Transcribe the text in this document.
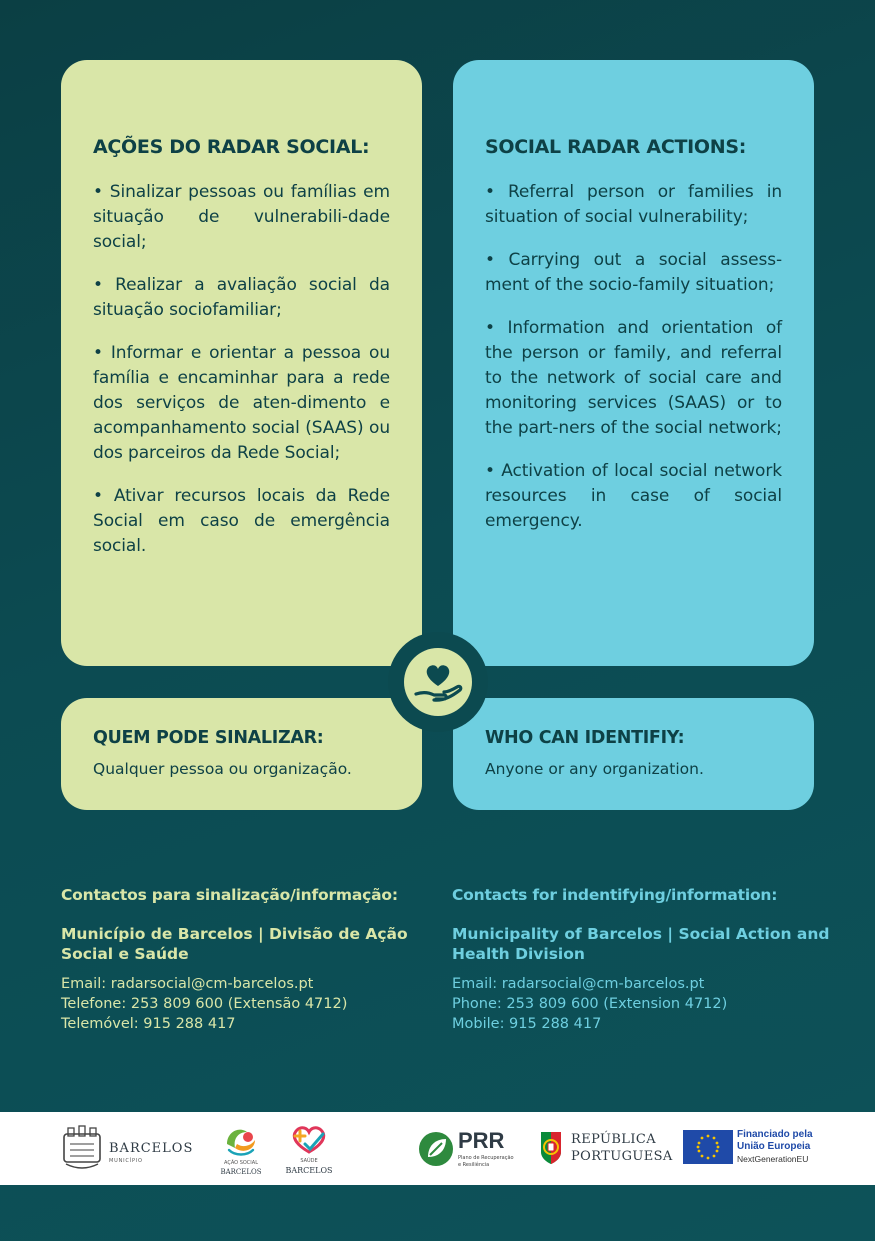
AÇÕES DO RADAR SOCIAL:
• Sinalizar pessoas ou famílias em situação de vulnerabili-dade social;
• Realizar a avaliação social da situação sociofamiliar;
• Informar e orientar a pessoa ou família e encaminhar para a rede dos serviços de aten-dimento e acompanhamento social (SAAS) ou dos parceiros da Rede Social;
• Ativar recursos locais da Rede Social em caso de emergência social.
SOCIAL RADAR ACTIONS:
• Referral person or families in situation of social vulnerability;
• Carrying out a social assess-ment of the socio-family situation;
• Information and orientation of the person or family, and referral to the network of social care and monitoring services (SAAS) or to the part-ners of the social network;
• Activation of local social network resources in case of social emergency.
QUEM PODE SINALIZAR:

Qualquer pessoa ou organização.

WHO CAN IDENTIFIY:

Anyone or any organization.

Contactos para sinalização/informação:

Município de Barcelos | Divisão de Ação Social e Saúde

Email: radarsocial@cm-barcelos.pt

Telefone: 253 809 600 (Extensão 4712)

Telemóvel: 915 288 417

Contacts for indentifying/information:

Municipality of Barcelos | Social Action and Health Division

Email: radarsocial@cm-barcelos.pt

Phone: 253 809 600 (Extension 4712)

Mobile: 915 288 417

BARCELOS
MUNICÍPIO	AÇÃO SOCIAL
BARCELOS
SAÚDE
BARCELOS
PRR
Plano de Recuperação
e Resiliência
REPÚBLICA
PORTUGUESA
Financiado pela
União Europeia
NextGenerationEU
